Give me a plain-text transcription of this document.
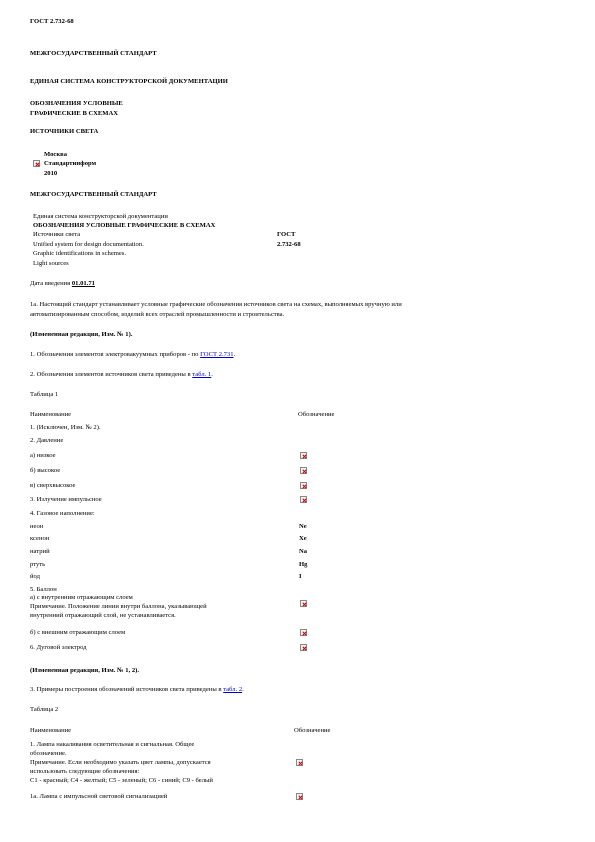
ГОСТ 2.732-68
МЕЖГОСУДАРСТВЕННЫЙ СТАНДАРТ
ЕДИНАЯ СИСТЕМА КОНСТРУКТОРСКОЙ ДОКУМЕНТАЦИИ
ОБОЗНАЧЕНИЯ УСЛОВНЫЕ
ГРАФИЧЕСКИЕ В СХЕМАХ
ИСТОЧНИКИ СВЕТА
Москва
Стандартинформ
2010
МЕЖГОСУДАРСТВЕННЫЙ СТАНДАРТ
Единая система конструкторской документации
ОБОЗНАЧЕНИЯ УСЛОВНЫЕ ГРАФИЧЕСКИЕ В СХЕМАХ
Источники света	ГОСТ
Unified system for design documentation.	2.732-68
Graphic identifications in schemes.
Light sources
Дата введения 01.01.71
1а. Настоящий стандарт устанавливает условные графические обозначения источников света на схемах, выполняемых вручную или
автоматизированным способом, изделий всех отраслей промышленности и строительства.
(Измененная редакция, Изм. № 1).
1. Обозначения элементов электровакуумных приборов - по ГОСТ 2.731.
2. Обозначения элементов источников света приведены в табл. 1.
Таблица 1
Наименование	Обозначение
1. (Исключен, Изм. № 2).
2. Давление
а) низкое
б) высокое
в) сверхвысокое
3. Излучение импульсное
4. Газовое наполнение:
неон	Ne
ксенон	Xe
натрий	Na
ртуть	Hg
йод	I
5. Баллон
а) с внутренним отражающим слоем
Примечание. Положение линии внутри баллона, указывающей
внутренний отражающий слой, не устанавливается.
б) с внешним отражающим слоем
6. Дуговой электрод
(Измененная редакция, Изм. № 1, 2).
3. Примеры построения обозначений источников света приведены в табл. 2.
Таблица 2
Наименование	Обозначение
1. Лампа накаливания осветительная и сигнальная. Общее
обозначение.
Примечание. Если необходимо указать цвет лампы, допускается
использовать следующие обозначения:
С1 - красный; С4 - желтый; С5 - зеленый; С6 - синий; С9 - белый
1а. Лампа с импульсной световой сигнализацией
